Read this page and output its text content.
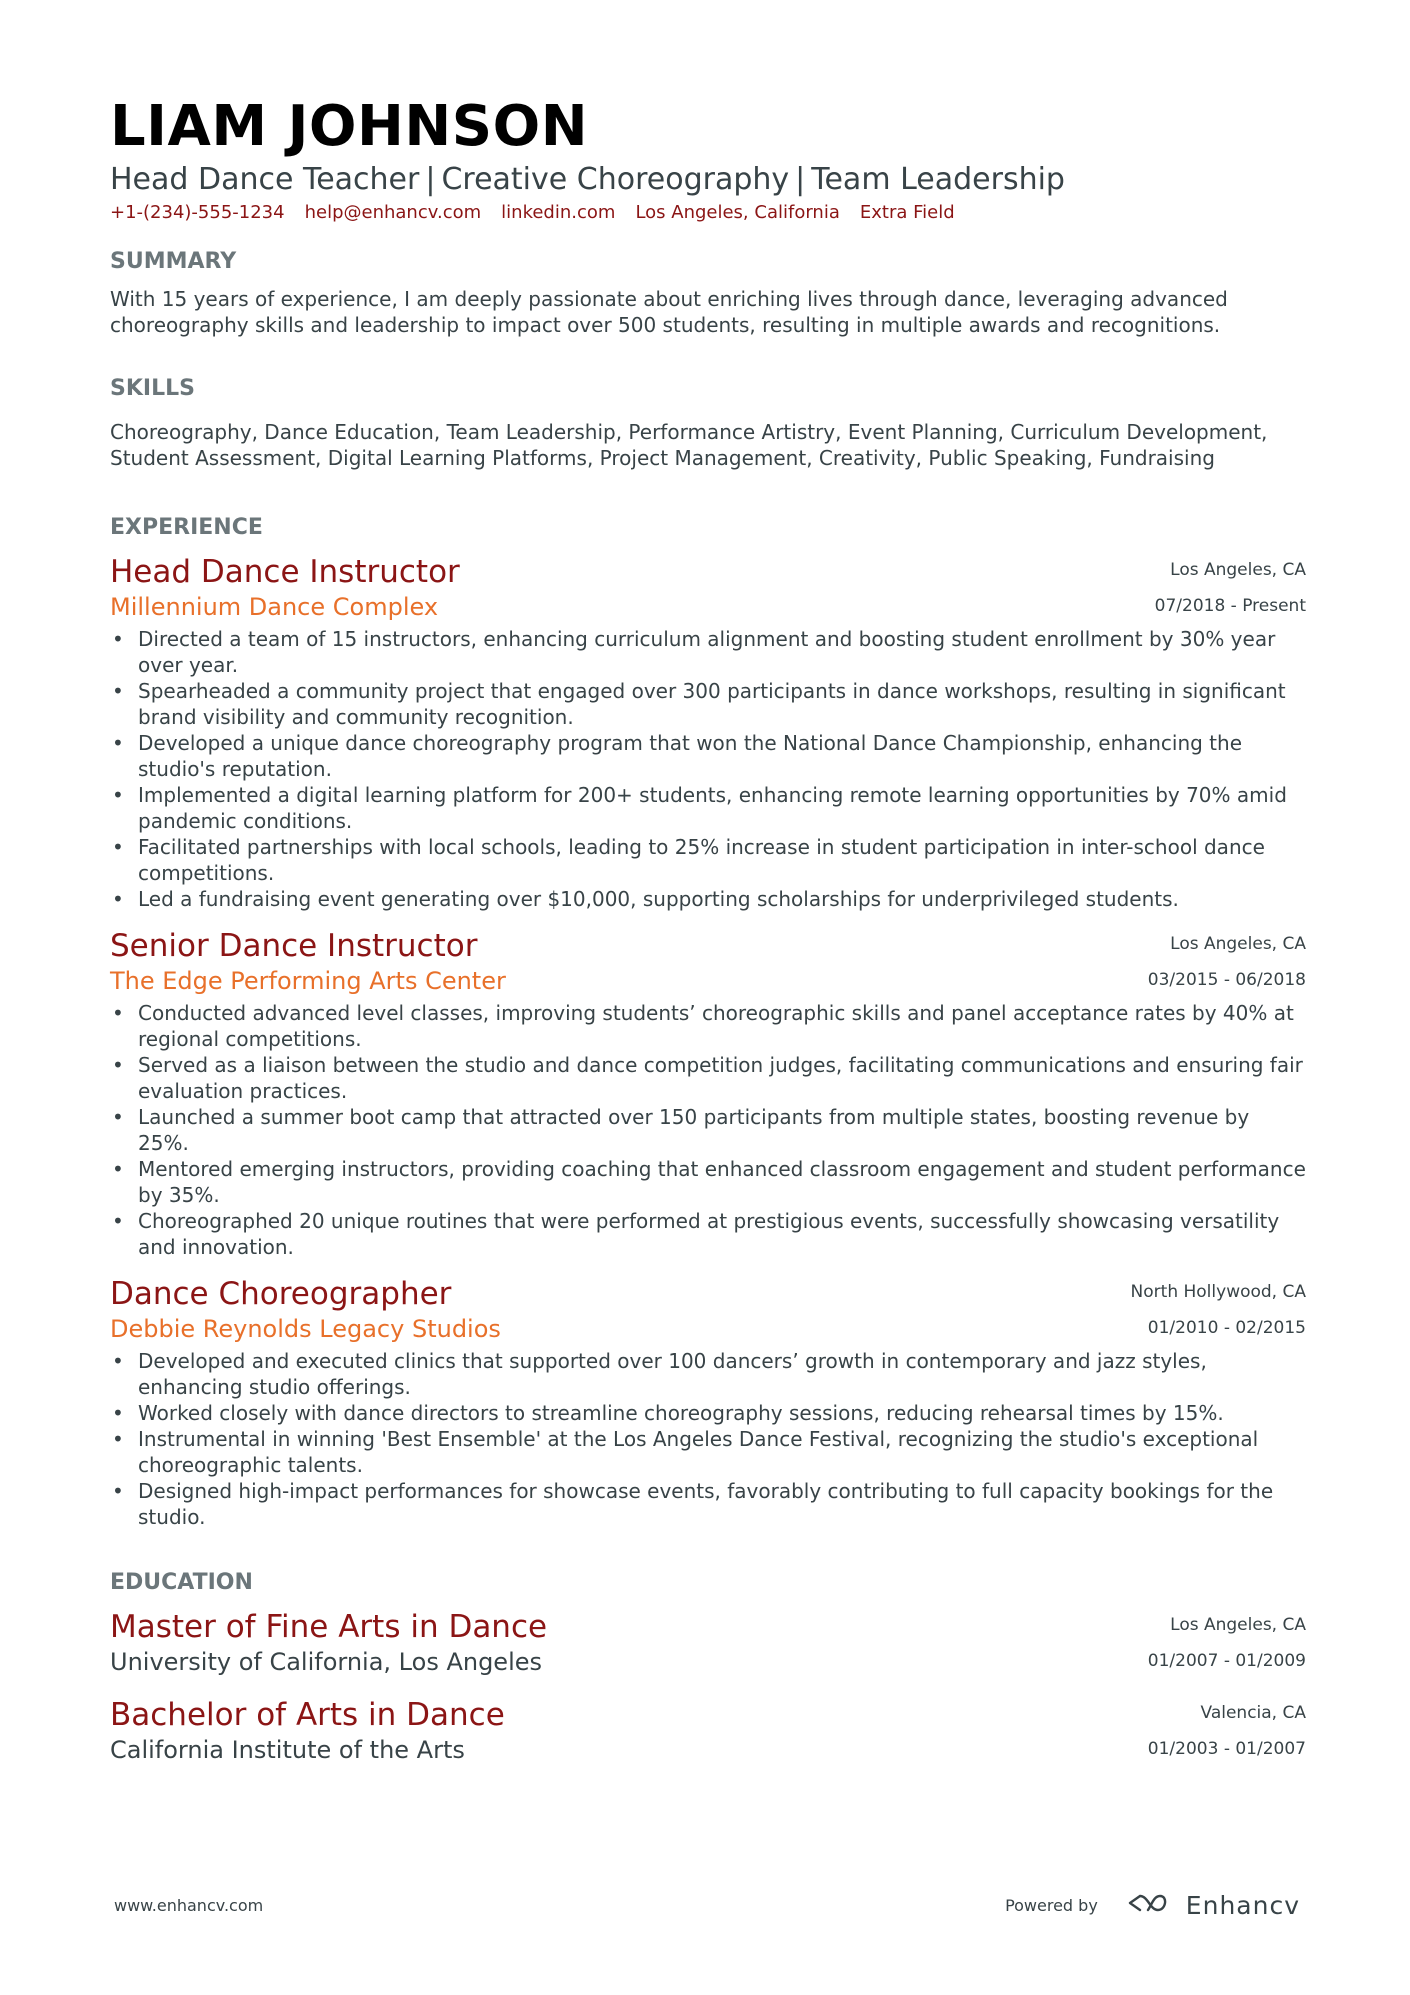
LIAM JOHNSON
Head Dance Teacher | Creative Choreography | Team Leadership
+1-(234)-555-1234 help@enhancv.com linkedin.com Los Angeles, California Extra Field
SUMMARY
With 15 years of experience, I am deeply passionate about enriching lives through dance, leveraging advanced choreography skills and leadership to impact over 500 students, resulting in multiple awards and recognitions.
SKILLS
Choreography, Dance Education, Team Leadership, Performance Artistry, Event Planning, Curriculum Development, Student Assessment, Digital Learning Platforms, Project Management, Creativity, Public Speaking, Fundraising
EXPERIENCE
Head Dance Instructor
Millennium Dance Complex
Los Angeles, CA
07/2018 - Present
• Directed a team of 15 instructors, enhancing curriculum alignment and boosting student enrollment by 30% year over year.
• Spearheaded a community project that engaged over 300 participants in dance workshops, resulting in significant brand visibility and community recognition.
• Developed a unique dance choreography program that won the National Dance Championship, enhancing the studio's reputation.
• Implemented a digital learning platform for 200+ students, enhancing remote learning opportunities by 70% amid pandemic conditions.
• Facilitated partnerships with local schools, leading to 25% increase in student participation in inter-school dance competitions.
• Led a fundraising event generating over $10,000, supporting scholarships for underprivileged students.
Senior Dance Instructor
The Edge Performing Arts Center
Los Angeles, CA
03/2015 - 06/2018
• Conducted advanced level classes, improving students’ choreographic skills and panel acceptance rates by 40% at regional competitions.
• Served as a liaison between the studio and dance competition judges, facilitating communications and ensuring fair evaluation practices.
• Launched a summer boot camp that attracted over 150 participants from multiple states, boosting revenue by 25%.
• Mentored emerging instructors, providing coaching that enhanced classroom engagement and student performance by 35%.
• Choreographed 20 unique routines that were performed at prestigious events, successfully showcasing versatility and innovation.
Dance Choreographer
Debbie Reynolds Legacy Studios
North Hollywood, CA
01/2010 - 02/2015
• Developed and executed clinics that supported over 100 dancers’ growth in contemporary and jazz styles, enhancing studio offerings.
• Worked closely with dance directors to streamline choreography sessions, reducing rehearsal times by 15%.
• Instrumental in winning 'Best Ensemble' at the Los Angeles Dance Festival, recognizing the studio's exceptional choreographic talents.
• Designed high-impact performances for showcase events, favorably contributing to full capacity bookings for the studio.
EDUCATION
Master of Fine Arts in Dance
University of California, Los Angeles
Los Angeles, CA
01/2007 - 01/2009
Bachelor of Arts in Dance
California Institute of the Arts
Valencia, CA
01/2003 - 01/2007
www.enhancv.com	Powered by	Enhancv
